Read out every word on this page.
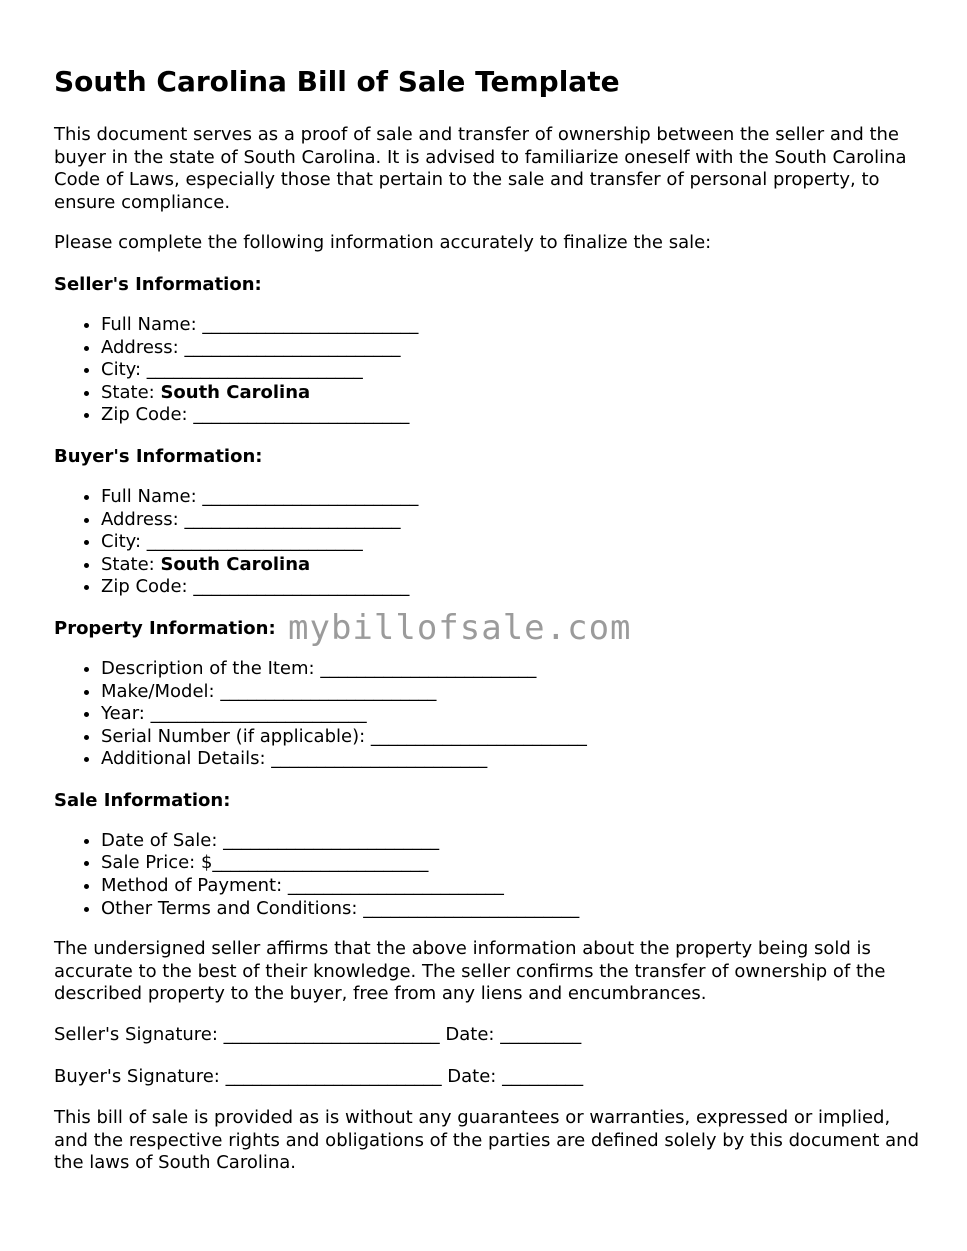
South Carolina Bill of Sale Template

This document serves as a proof of sale and transfer of ownership between the seller and the buyer in the state of South Carolina. It is advised to familiarize oneself with the South Carolina Code of Laws, especially those that pertain to the sale and transfer of personal property, to ensure compliance.

Please complete the following information accurately to finalize the sale:

Seller's Information:
• Full Name: ________________________
• Address: ________________________
• City: ________________________
• State: South Carolina
• Zip Code: ________________________
Buyer's Information:
• Full Name: ________________________
• Address: ________________________
• City: ________________________
• State: South Carolina
• Zip Code: ________________________
Property Information:
• Description of the Item: ________________________
• Make/Model: ________________________
• Year: ________________________
• Serial Number (if applicable): ________________________
• Additional Details: ________________________
Sale Information:
• Date of Sale: ________________________
• Sale Price: $________________________
• Method of Payment: ________________________
• Other Terms and Conditions: ________________________

The undersigned seller affirms that the above information about the property being sold is accurate to the best of their knowledge. The seller confirms the transfer of ownership of the described property to the buyer, free from any liens and encumbrances.

Seller's Signature: ________________________ Date: _________

Buyer's Signature: ________________________ Date: _________

This bill of sale is provided as is without any guarantees or warranties, expressed or implied, and the respective rights and obligations of the parties are defined solely by this document and the laws of South Carolina.

mybillofsale.com
